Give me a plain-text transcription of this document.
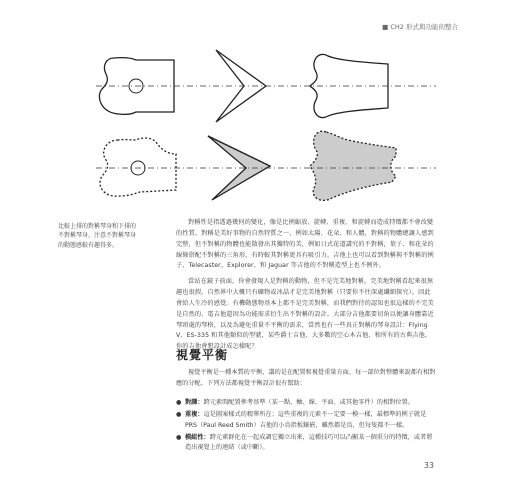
■ CH2 形式與功能的整合
比較上排的對稱琴身和下排的不對稱琴身，注意不對稱琴身的動態感較有趣得多。

對稱性是指透過幾何的變化，像是比例縮放、旋轉、重複、和旋轉而造成特徵都不會改變的性質。對稱是美好事物的自然特質之一，例如太陽、花朵、和人體，對稱的物體總讓人感到完整，但不對稱的物體也能散發出其獨特的美，例如日式花道講究的不對稱，葉子、和花朵的線條搭配不對稱的三角形，有時較其對稱更具有吸引力。吉他上也可以看到對稱與不對稱的例子，Telecaster、Explorer、和 Jaguar 等吉他的不對稱造型上也不例外。

當站在鏡子前面，你會發現人是對稱的動物，但不是完美地對稱，完美地對稱看起來很無趣也很假。自然界中大概只有礦物或冰晶才是完美地對稱（只要你不往深處纖細探究），因此會給人生冷的感覺。有機動態物基本上都不是完美對稱，而我們對待的認知也很這樣的不完美是自然的，電吉他還因為功能需求衍生出不對稱的設計。大部分吉他都要切角以便讓身體靠近琴頸處的琴格，以及為避免重量不平衡的需求，當然也有一些真正對稱的琴身設計：Flying V、ES-335 和其他類似的型號，某些爵士吉他、大多數的空心木吉他、和所有的古典吉他。你的吉他會想設計成怎樣呢？

視覺平衡

視覺平衡是一種本質的平衡，講的是在配置和視覺重量方面，每一部位對整體來說都有相對應的分配。下列方法都視覺平衡設計很有幫助：

● 對譯：跨元素間配置參考基準（某一點、軸、線、平面、或其他零件）的相對位置。
● 重複：這是圖案樣式的精華所在；這些重複的元素不一定要一模一樣，最標準的例子就是 PRS（Paul Reed Smith）吉他的小鳥指板鑲嵌，雖然都是鳥，但每隻都不一樣。
● 模組性：跨元素群化在一起成調它獨立出來，這種技巧可以凸顯某一個重分的特徵，或者將造出視覺上的連結（或中斷）。
33
